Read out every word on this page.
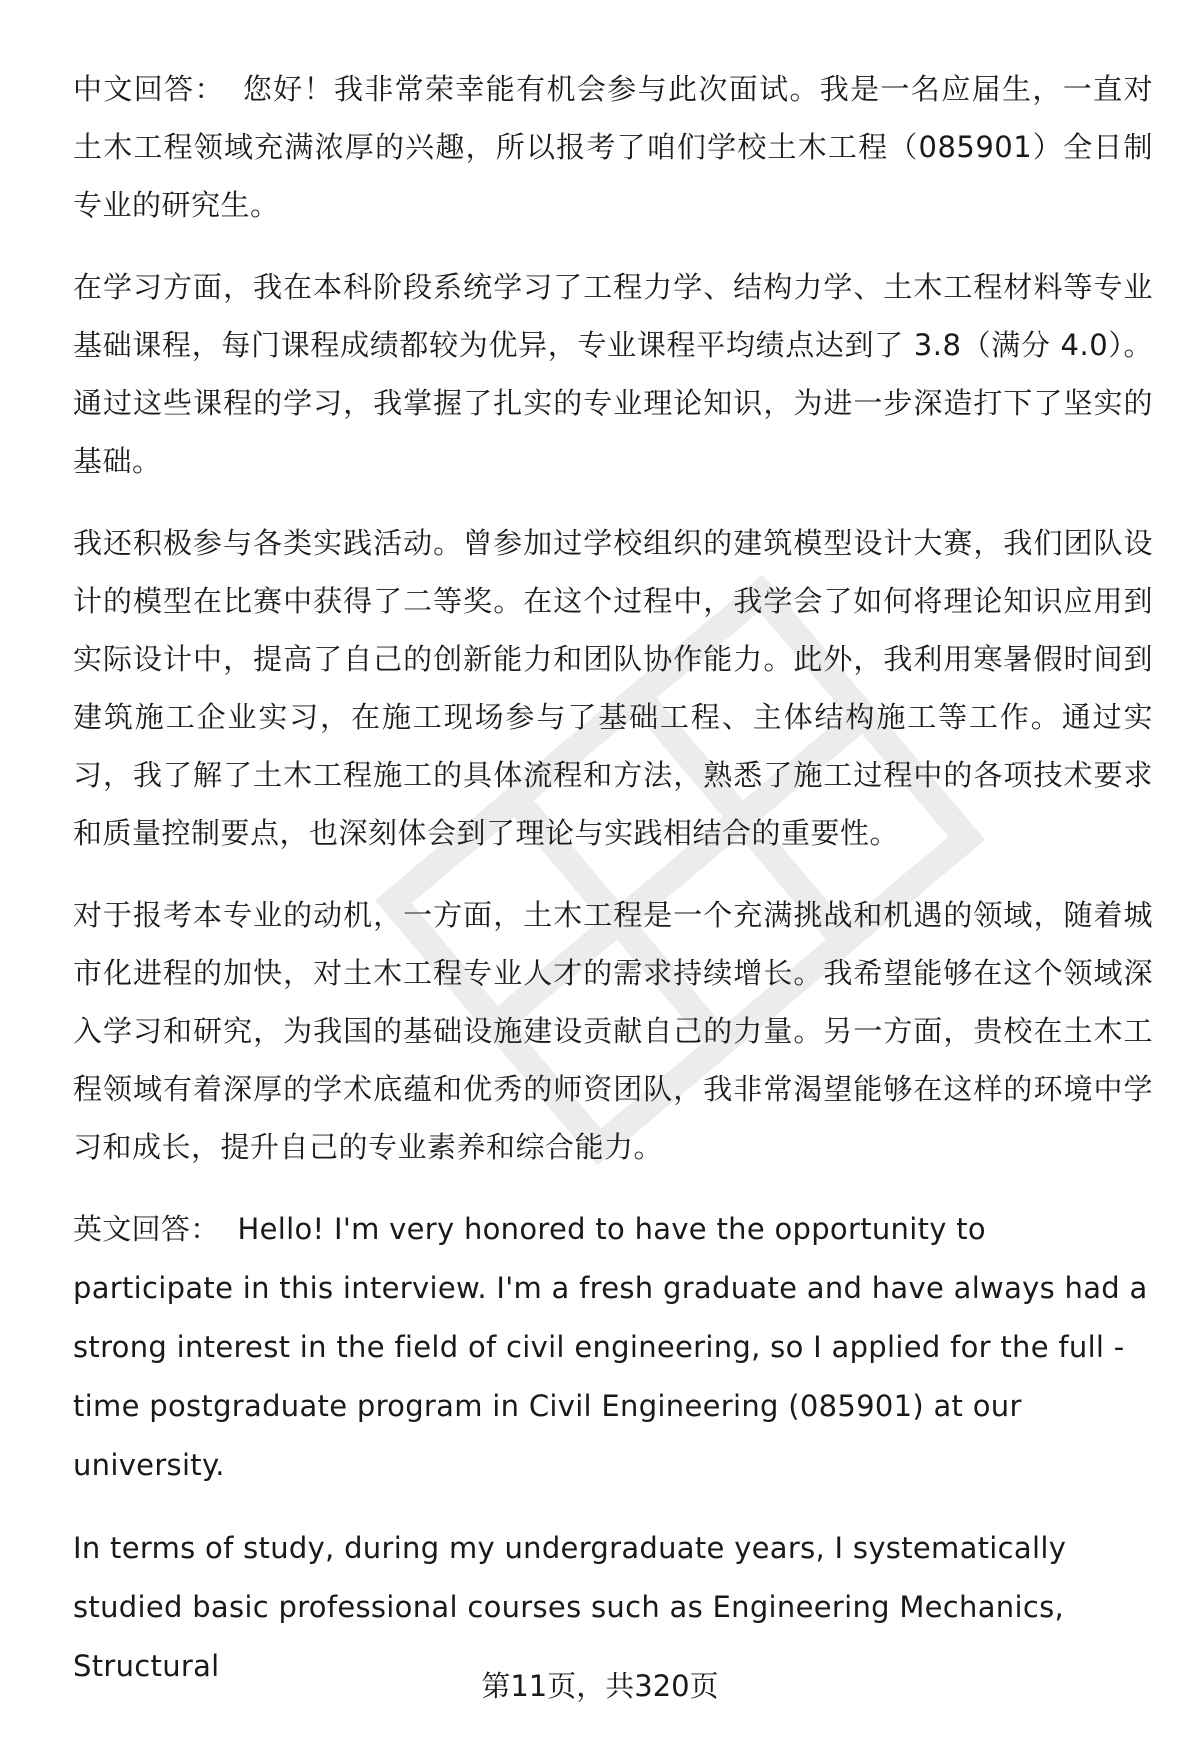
中文回答： 您好！我非常荣幸能有机会参与此次面试。我是一名应届生，一直对土木工程领域充满浓厚的兴趣，所以报考了咱们学校土木工程（085901）全日制专业的研究生。

在学习方面，我在本科阶段系统学习了工程力学、结构力学、土木工程材料等专业基础课程，每门课程成绩都较为优异，专业课程平均绩点达到了 3.8（满分 4.0）。通过这些课程的学习，我掌握了扎实的专业理论知识，为进一步深造打下了坚实的基础。

我还积极参与各类实践活动。曾参加过学校组织的建筑模型设计大赛，我们团队设计的模型在比赛中获得了二等奖。在这个过程中，我学会了如何将理论知识应用到实际设计中，提高了自己的创新能力和团队协作能力。此外，我利用寒暑假时间到建筑施工企业实习，在施工现场参与了基础工程、主体结构施工等工作。通过实习，我了解了土木工程施工的具体流程和方法，熟悉了施工过程中的各项技术要求和质量控制要点，也深刻体会到了理论与实践相结合的重要性。

对于报考本专业的动机，一方面，土木工程是一个充满挑战和机遇的领域，随着城市化进程的加快，对土木工程专业人才的需求持续增长。我希望能够在这个领域深入学习和研究，为我国的基础设施建设贡献自己的力量。另一方面，贵校在土木工程领域有着深厚的学术底蕴和优秀的师资团队，我非常渴望能够在这样的环境中学习和成长，提升自己的专业素养和综合能力。

英文回答： Hello! I'm very honored to have the opportunity to participate in this interview. I'm a fresh graduate and have always had a strong interest in the field of civil engineering, so I applied for the full - time postgraduate program in Civil Engineering (085901) at our university.

In terms of study, during my undergraduate years, I systematically studied basic professional courses such as Engineering Mechanics, Structural

第11页，共320页
